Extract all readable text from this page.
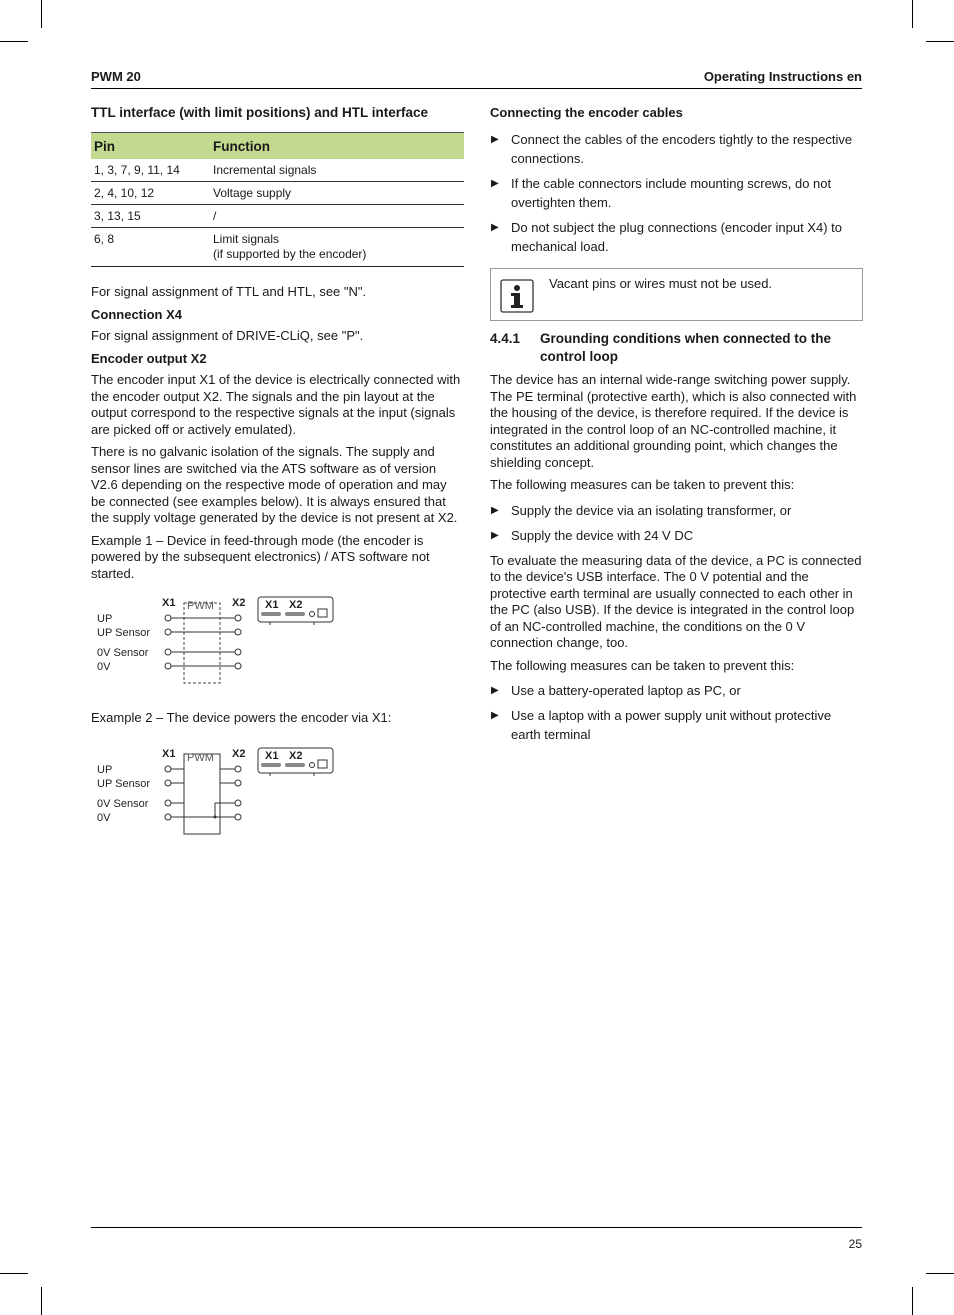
PWM 20	Operating Instructions en
TTL interface (with limit positions) and HTL interface
Pin	Function
1, 3, 7, 9, 11, 14	Incremental signals
2, 4, 10, 12	Voltage supply
3, 13, 15	/
6, 8	Limit signals
(if supported by the encoder)

For signal assignment of TTL and HTL, see "N".

Connection X4

For signal assignment of DRIVE-CLiQ, see "P".

Encoder output X2

The encoder input X1 of the device is electrically connected with the encoder output X2. The signals and the pin layout at the output correspond to the respective signals at the input (signals are picked off or actively emulated).

There is no galvanic isolation of the signals. The supply and sensor lines are switched via the ATS software as of version V2.6 depending on the respective mode of operation and may be connected (see examples below). It is always ensured that the supply voltage generated by the device is not present at X2.

Example 1 – Device in feed-through mode (the encoder is powered by the subsequent electronics) / ATS software not started.

X1	X2
PWM	X1 X2
UP
UP Sensor
0V Sensor
0V

Example 2 – The device powers the encoder via X1:

X1	X2
PWM	X1 X2
UP
UP Sensor
0V Sensor
0V
Connecting the encoder cables
▶ Connect the cables of the encoders tightly to the respective connections.
▶ If the cable connectors include mounting screws, do not overtighten them.
▶ Do not subject the plug connections (encoder input X4) to mechanical load.
Vacant pins or wires must not be used.
4.4.1 Grounding conditions when connected to the control loop

The device has an internal wide-range switching power supply. The PE terminal (protective earth), which is also connected with the housing of the device, is therefore required. If the device is integrated in the control loop of an NC-controlled machine, it constitutes an additional grounding point, which changes the shielding concept.

The following measures can be taken to prevent this:

▶ Supply the device via an isolating transformer, or
▶ Supply the device with 24 V DC

To evaluate the measuring data of the device, a PC is connected to the device's USB interface. The 0 V potential and the protective earth terminal are usually connected to each other in the PC (also USB). If the device is integrated in the control loop of an NC-controlled machine, the conditions on the 0 V connection change, too.

The following measures can be taken to prevent this:

▶ Use a battery-operated laptop as PC, or
▶ Use a laptop with a power supply unit without protective earth terminal
25
